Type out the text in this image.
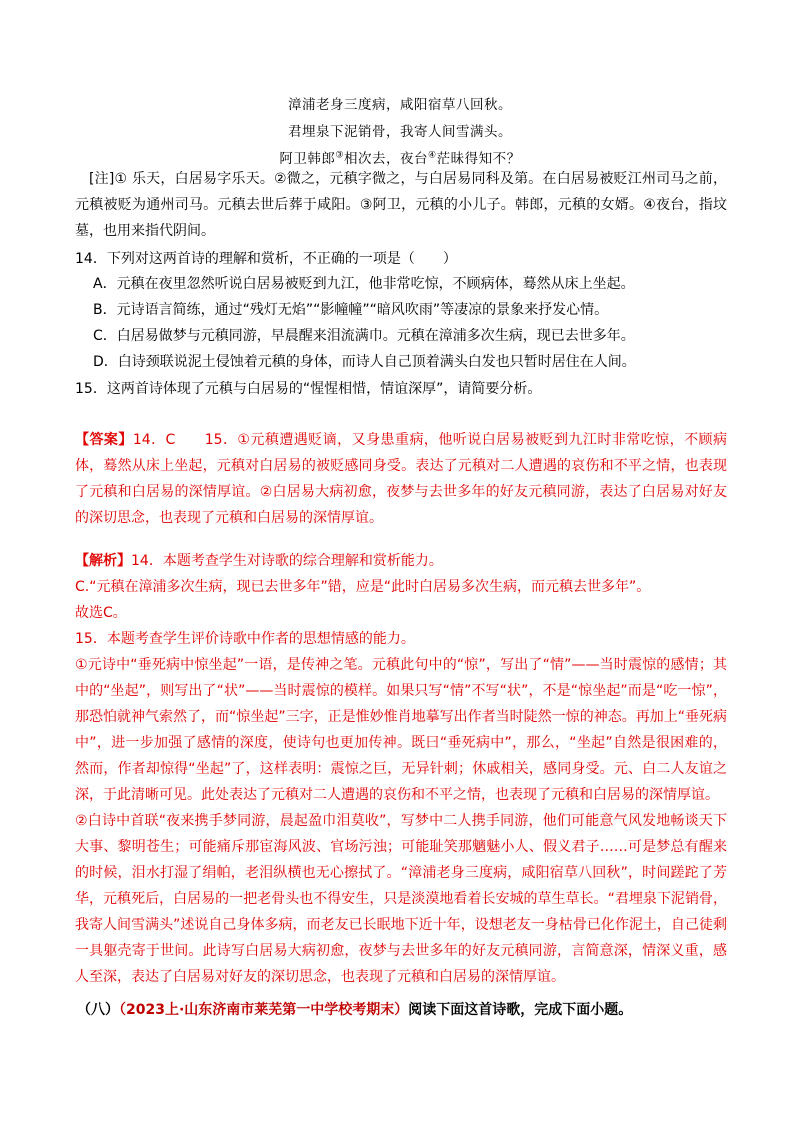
漳浦老身三度病，咸阳宿草八回秋。
君埋泉下泥销骨，我寄人间雪满头。
阿卫韩郎③相次去，夜台④茫昧得知不？
[注]① 乐天，白居易字乐天。②微之，元稹字微之，与白居易同科及第。在白居易被贬江州司马之前，元稹被贬为通州司马。元稹去世后葬于咸阳。③阿卫，元稹的小儿子。韩郎，元稹的女婿。④夜台，指坟墓，也用来指代阴间。
14．下列对这两首诗的理解和赏析，不正确的一项是（　　）
A．元稹在夜里忽然听说白居易被贬到九江，他非常吃惊，不顾病体，蓦然从床上坐起。
B．元诗语言简练，通过“残灯无焰”“影幢幢”“暗风吹雨”等凄凉的景象来抒发心情。
C．白居易做梦与元稹同游，早晨醒来泪流满巾。元稹在漳浦多次生病，现已去世多年。
D．白诗颈联说泥土侵蚀着元稹的身体，而诗人自己顶着满头白发也只暂时居住在人间。
15．这两首诗体现了元稹与白居易的“惺惺相惜，情谊深厚”，请简要分析。
【答案】14．C　　15．①元稹遭遇贬谪，又身患重病，他听说白居易被贬到九江时非常吃惊，不顾病体，蓦然从床上坐起，元稹对白居易的被贬感同身受。表达了元稹对二人遭遇的哀伤和不平之情，也表现了元稹和白居易的深情厚谊。②白居易大病初愈，夜梦与去世多年的好友元稹同游，表达了白居易对好友的深切思念，也表现了元稹和白居易的深情厚谊。
【解析】14．本题考查学生对诗歌的综合理解和赏析能力。
C.“元稹在漳浦多次生病，现已去世多年”错，应是“此时白居易多次生病，而元稹去世多年”。
故选C。
15．本题考查学生评价诗歌中作者的思想情感的能力。
①元诗中“垂死病中惊坐起”一语，是传神之笔。元稹此句中的“惊”，写出了“情”——当时震惊的感情；其中的“坐起”，则写出了“状”——当时震惊的模样。如果只写“情”不写“状”，不是“惊坐起”而是“吃一惊”，那恐怕就神气索然了，而“惊坐起”三字，正是惟妙惟肖地摹写出作者当时陡然一惊的神态。再加上“垂死病中”，进一步加强了感情的深度，使诗句也更加传神。既曰“垂死病中”，那么，“坐起”自然是很困难的，然而，作者却惊得“坐起”了，这样表明：震惊之巨，无异针刺；休戚相关，感同身受。元、白二人友谊之深，于此清晰可见。此处表达了元稹对二人遭遇的哀伤和不平之情，也表现了元稹和白居易的深情厚谊。
②白诗中首联“夜来携手梦同游，晨起盈巾泪莫收”，写梦中二人携手同游，他们可能意气风发地畅谈天下大事、黎明苍生；可能痛斥那宦海风波、官场污浊；可能耻笑那魑魅小人、假义君子……可是梦总有醒来的时候，泪水打湿了绢帕，老泪纵横也无心擦拭了。“漳浦老身三度病，咸阳宿草八回秋”，时间蹉跎了芳华，元稹死后，白居易的一把老骨头也不得安生，只是淡漠地看着长安城的草生草长。“君埋泉下泥销骨，我寄人间雪满头”述说自己身体多病，而老友已长眠地下近十年，设想老友一身枯骨已化作泥土，自己徒剩一具躯壳寄于世间。此诗写白居易大病初愈，夜梦与去世多年的好友元稹同游，言简意深，情深义重，感人至深，表达了白居易对好友的深切思念，也表现了元稹和白居易的深情厚谊。
（八）（2023上·山东济南市莱芜第一中学校考期末）阅读下面这首诗歌，完成下面小题。
